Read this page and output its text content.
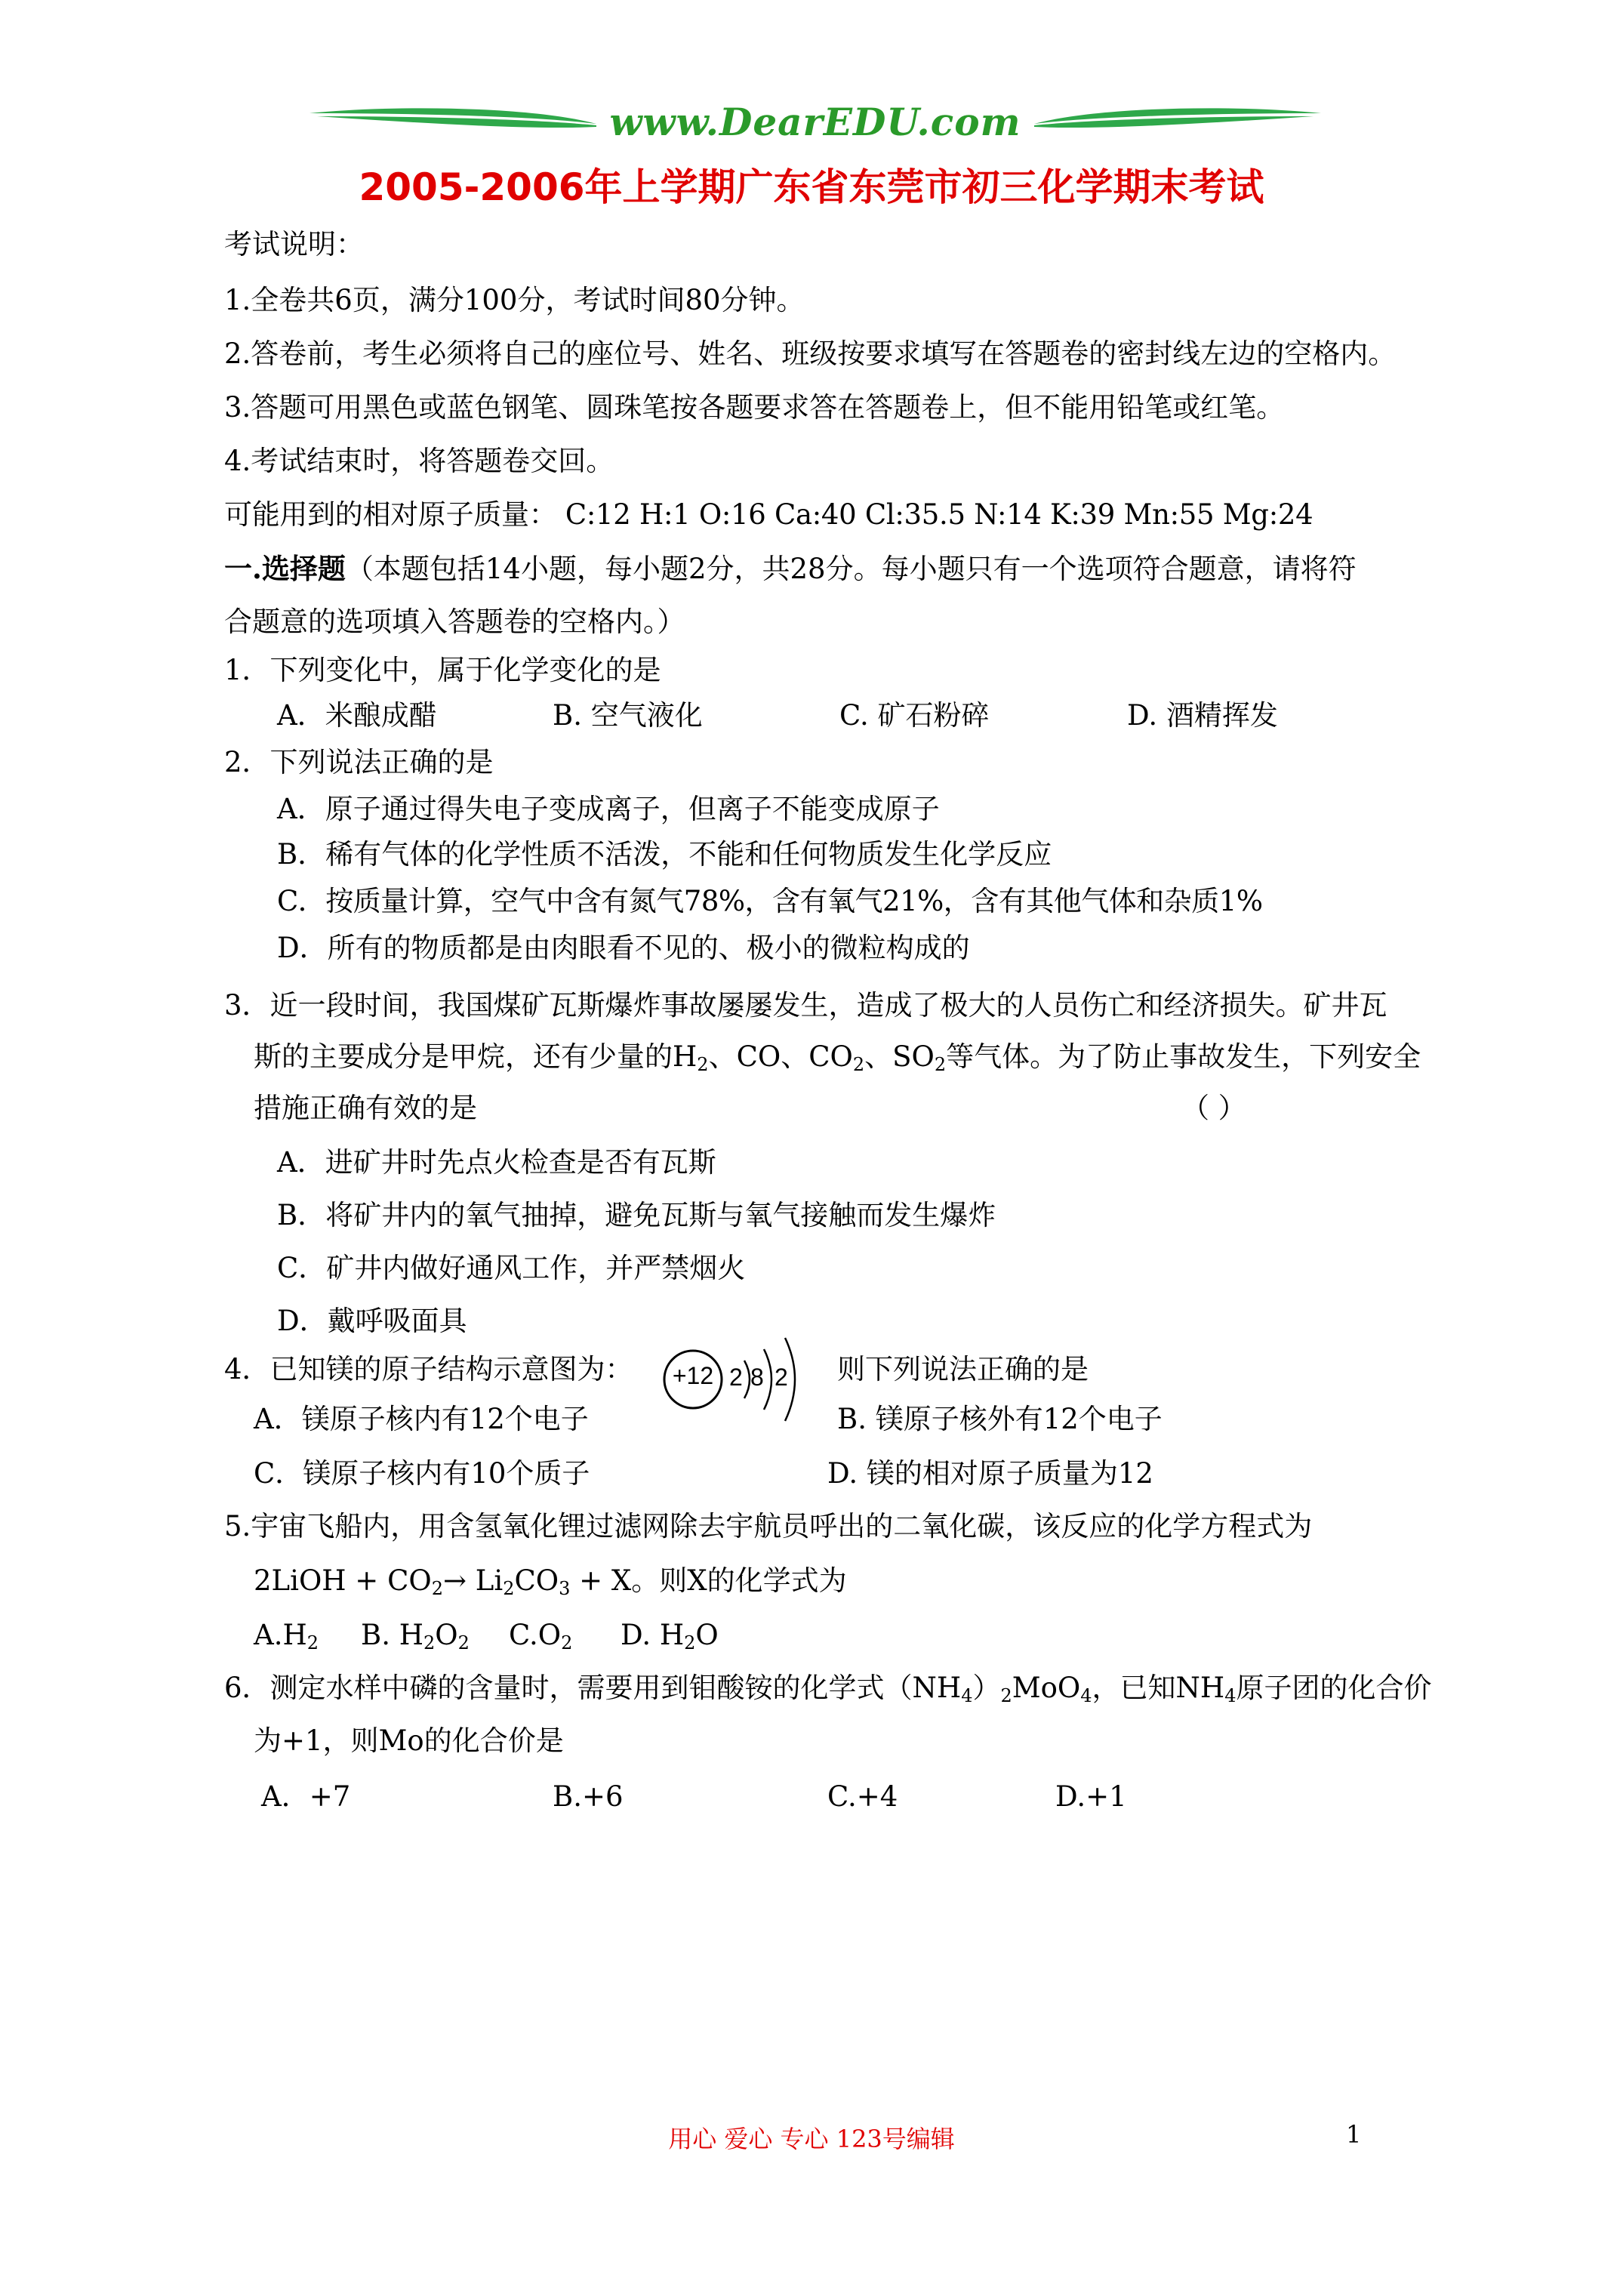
www.DearEDU.com
2005-2006年上学期广东省东莞市初三化学期末考试
考试说明：
1.全卷共6页，满分100分，考试时间80分钟。
2.答卷前，考生必须将自己的座位号、姓名、班级按要求填写在答题卷的密封线左边的空格内。
3.答题可用黑色或蓝色钢笔、圆珠笔按各题要求答在答题卷上，但不能用铅笔或红笔。
4.考试结束时，将答题卷交回。
可能用到的相对原子质量： C:12 H:1 O:16 Ca:40 Cl:35.5 N:14 K:39 Mn:55 Mg:24
一.选择题（本题包括14小题，每小题2分，共28分。每小题只有一个选项符合题意，请将符
合题意的选项填入答题卷的空格内。）
1．下列变化中，属于化学变化的是
A．米酿成醋	B. 空气液化	C. 矿石粉碎	D. 酒精挥发
2．下列说法正确的是
A．原子通过得失电子变成离子，但离子不能变成原子
B．稀有气体的化学性质不活泼，不能和任何物质发生化学反应
C．按质量计算，空气中含有氮气78%，含有氧气21%，含有其他气体和杂质1%
D．所有的物质都是由肉眼看不见的、极小的微粒构成的
3．近一段时间，我国煤矿瓦斯爆炸事故屡屡发生，造成了极大的人员伤亡和经济损失。矿井瓦
斯的主要成分是甲烷，还有少量的$H_2$、CO、$CO_2$、$SO_2$等气体。为了防止事故发生，下列安全
措施正确有效的是	（ ）
A．进矿井时先点火检查是否有瓦斯
B．将矿井内的氧气抽掉，避免瓦斯与氧气接触而发生爆炸
C．矿井内做好通风工作，并严禁烟火
D．戴呼吸面具
4．已知镁的原子结构示意图为： +12 2 8 2 则下列说法正确的是
A．镁原子核内有12个电子	B. 镁原子核外有12个电子
C．镁原子核内有10个质子	D. 镁的相对原子质量为12
5.宇宙飞船内，用含氢氧化锂过滤网除去宇航员呼出的二氧化碳，该反应的化学方程式为
2LiOH + $CO_2\to Li_2CO_3 + X$。则X的化学式为
$A.H_2$ B. $H_2O_2$ $C.O_2$ D. $H_2O$
6．测定水样中磷的含量时，需要用到钼酸铵的化学式$(NH_4)_2MoO_4$，已知$NH_4$原子团的化合价
为+1，则Mo的化合价是
A．+7	B.+6	C.+4	D.+1
用心 爱心 专心 123号编辑	1
